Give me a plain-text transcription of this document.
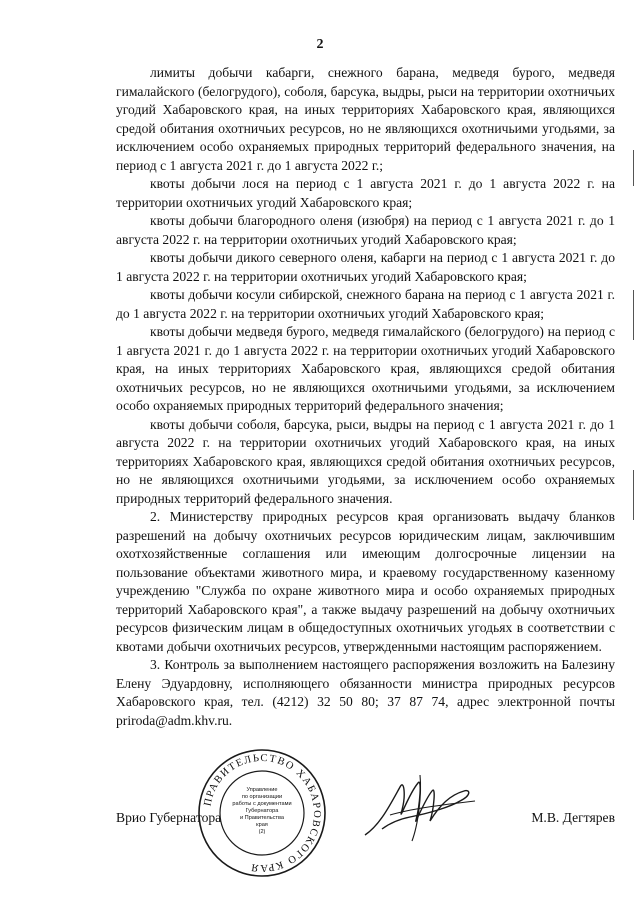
2

лимиты добычи кабарги, снежного барана, медведя бурого, медведя гималайского (белогрудого), соболя, барсука, выдры, рыси на территории охотничьих угодий Хабаровского края, на иных территориях Хабаровского края, являющихся средой обитания охотничьих ресурсов, но не являющихся охотничьими угодьями, за исключением особо охраняемых природных территорий федерального значения, на период с 1 августа 2021 г. до 1 августа 2022 г.;

квоты добычи лося на период с 1 августа 2021 г. до 1 августа 2022 г. на территории охотничьих угодий Хабаровского края;

квоты добычи благородного оленя (изюбря) на период с 1 августа 2021 г. до 1 августа 2022 г. на территории охотничьих угодий Хабаровского края;

квоты добычи дикого северного оленя, кабарги на период с 1 августа 2021 г. до 1 августа 2022 г. на территории охотничьих угодий Хабаровского края;

квоты добычи косули сибирской, снежного барана на период с 1 августа 2021 г. до 1 августа 2022 г. на территории охотничьих угодий Хабаровского края;

квоты добычи медведя бурого, медведя гималайского (белогрудого) на период с 1 августа 2021 г. до 1 августа 2022 г. на территории охотничьих угодий Хабаровского края, на иных территориях Хабаровского края, являющихся средой обитания охотничьих ресурсов, но не являющихся охотничьими угодьями, за исключением особо охраняемых природных территорий федерального значения;

квоты добычи соболя, барсука, рыси, выдры на период с 1 августа 2021 г. до 1 августа 2022 г. на территории охотничьих угодий Хабаровского края, на иных территориях Хабаровского края, являющихся средой обитания охотничьих ресурсов, но не являющихся охотничьими угодьями, за исключением особо охраняемых природных территорий федерального значения.

2. Министерству природных ресурсов края организовать выдачу бланков разрешений на добычу охотничьих ресурсов юридическим лицам, заключившим охотхозяйственные соглашения или имеющим долгосрочные лицензии на пользование объектами животного мира, и краевому государственному казенному учреждению "Служба по охране животного мира и особо охраняемых природных территорий Хабаровского края", а также выдачу разрешений на добычу охотничьих ресурсов физическим лицам в общедоступных охотничьих угодьях в соответствии с квотами добычи охотничьих ресурсов, утвержденными настоящим распоряжением.

3. Контроль за выполнением настоящего распоряжения возложить на Балезину Елену Эдуардовну, исполняющего обязанности министра природных ресурсов Хабаровского края, тел. (4212) 32 50 80; 37 87 74, адрес электронной почты priroda@adm.khv.ru.

Врио Губернатора	М.В. Дегтярев
ПРАВИТЕЛЬСТВО ХАБАРОВСКОГО КРАЯ
Управление
по организации
работы с документами
Губернатора
и Правительства
края
(2)
